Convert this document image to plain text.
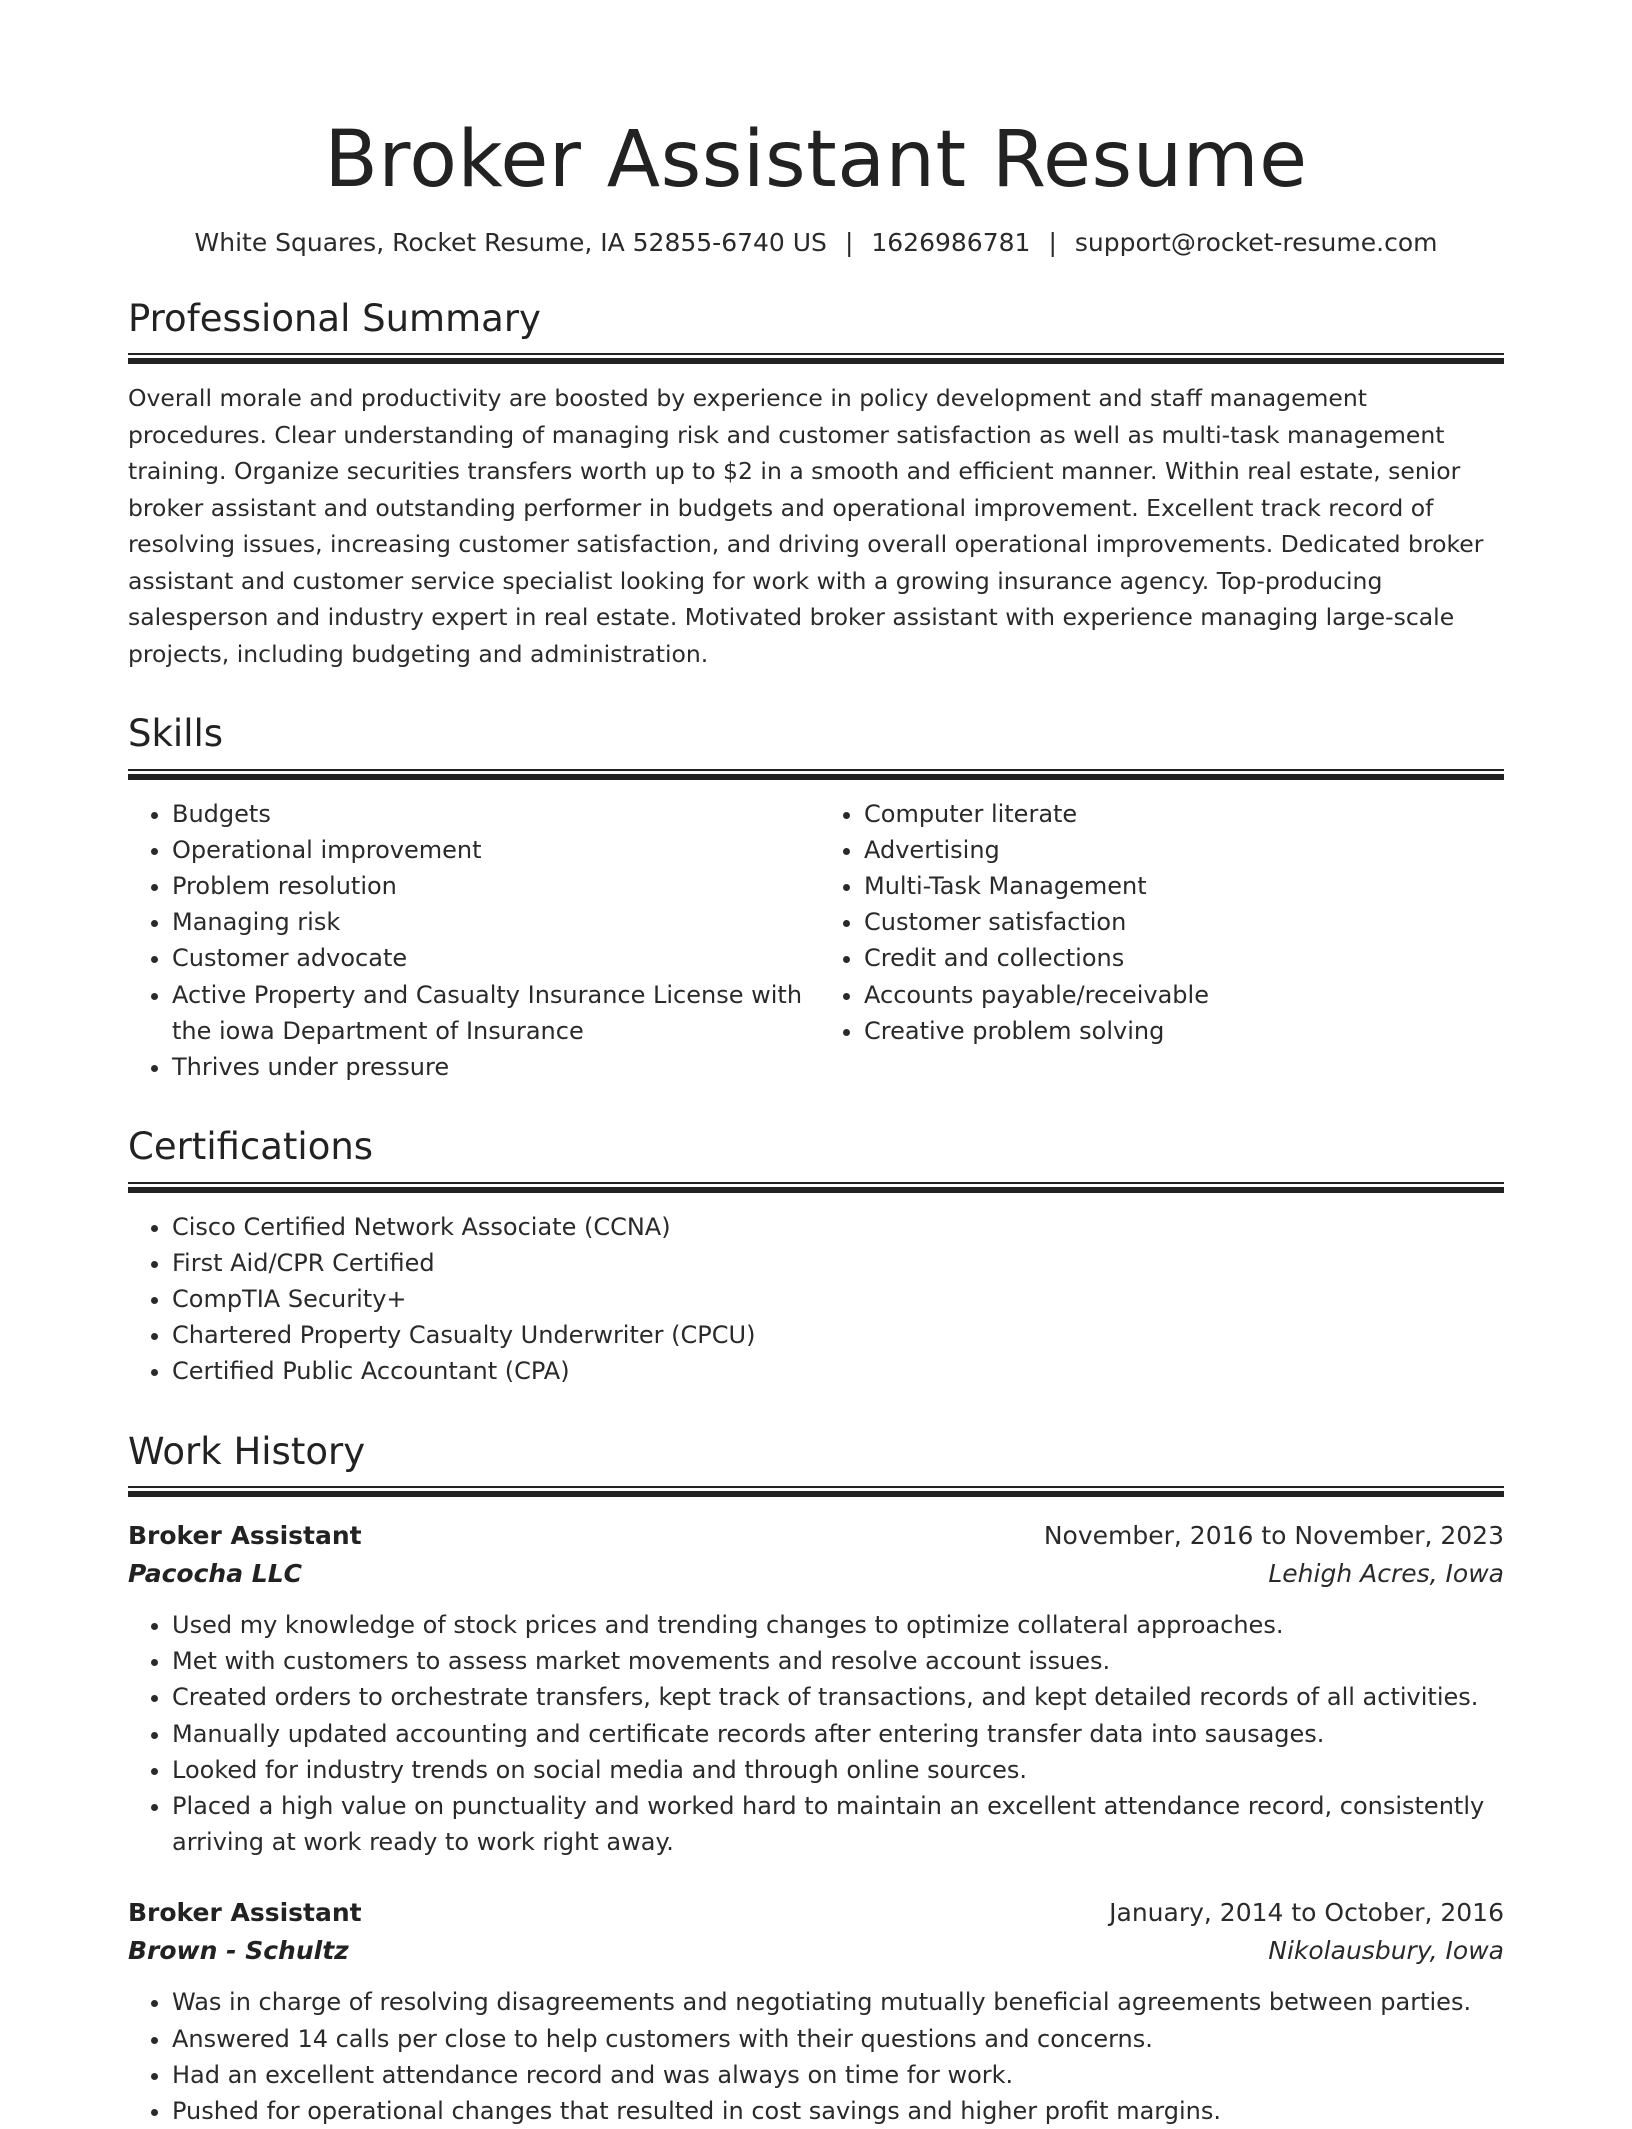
Broker Assistant Resume
White Squares, Rocket Resume, IA 52855-6740 US | 1626986781 | support@rocket-resume.com
Professional Summary
Overall morale and productivity are boosted by experience in policy development and staff management procedures. Clear understanding of managing risk and customer satisfaction as well as multi-task management training. Organize securities transfers worth up to $2 in a smooth and efficient manner. Within real estate, senior broker assistant and outstanding performer in budgets and operational improvement. Excellent track record of resolving issues, increasing customer satisfaction, and driving overall operational improvements. Dedicated broker assistant and customer service specialist looking for work with a growing insurance agency. Top-producing salesperson and industry expert in real estate. Motivated broker assistant with experience managing large-scale projects, including budgeting and administration.
Skills
• Budgets
• Operational improvement
• Problem resolution
• Managing risk
• Customer advocate
• Active Property and Casualty Insurance License with the iowa Department of Insurance
• Thrives under pressure
• Computer literate
• Advertising
• Multi-Task Management
• Customer satisfaction
• Credit and collections
• Accounts payable/receivable
• Creative problem solving
Certifications
• Cisco Certified Network Associate (CCNA)
• First Aid/CPR Certified
• CompTIA Security+
• Chartered Property Casualty Underwriter (CPCU)
• Certified Public Accountant (CPA)
Work History
Broker Assistant	November, 2016 to November, 2023
Pacocha LLC	Lehigh Acres, Iowa
• Used my knowledge of stock prices and trending changes to optimize collateral approaches.
• Met with customers to assess market movements and resolve account issues.
• Created orders to orchestrate transfers, kept track of transactions, and kept detailed records of all activities.
• Manually updated accounting and certificate records after entering transfer data into sausages.
• Looked for industry trends on social media and through online sources.
• Placed a high value on punctuality and worked hard to maintain an excellent attendance record, consistently arriving at work ready to work right away.
Broker Assistant	January, 2014 to October, 2016
Brown - Schultz	Nikolausbury, Iowa
• Was in charge of resolving disagreements and negotiating mutually beneficial agreements between parties.
• Answered 14 calls per close to help customers with their questions and concerns.
• Had an excellent attendance record and was always on time for work.
• Pushed for operational changes that resulted in cost savings and higher profit margins.
